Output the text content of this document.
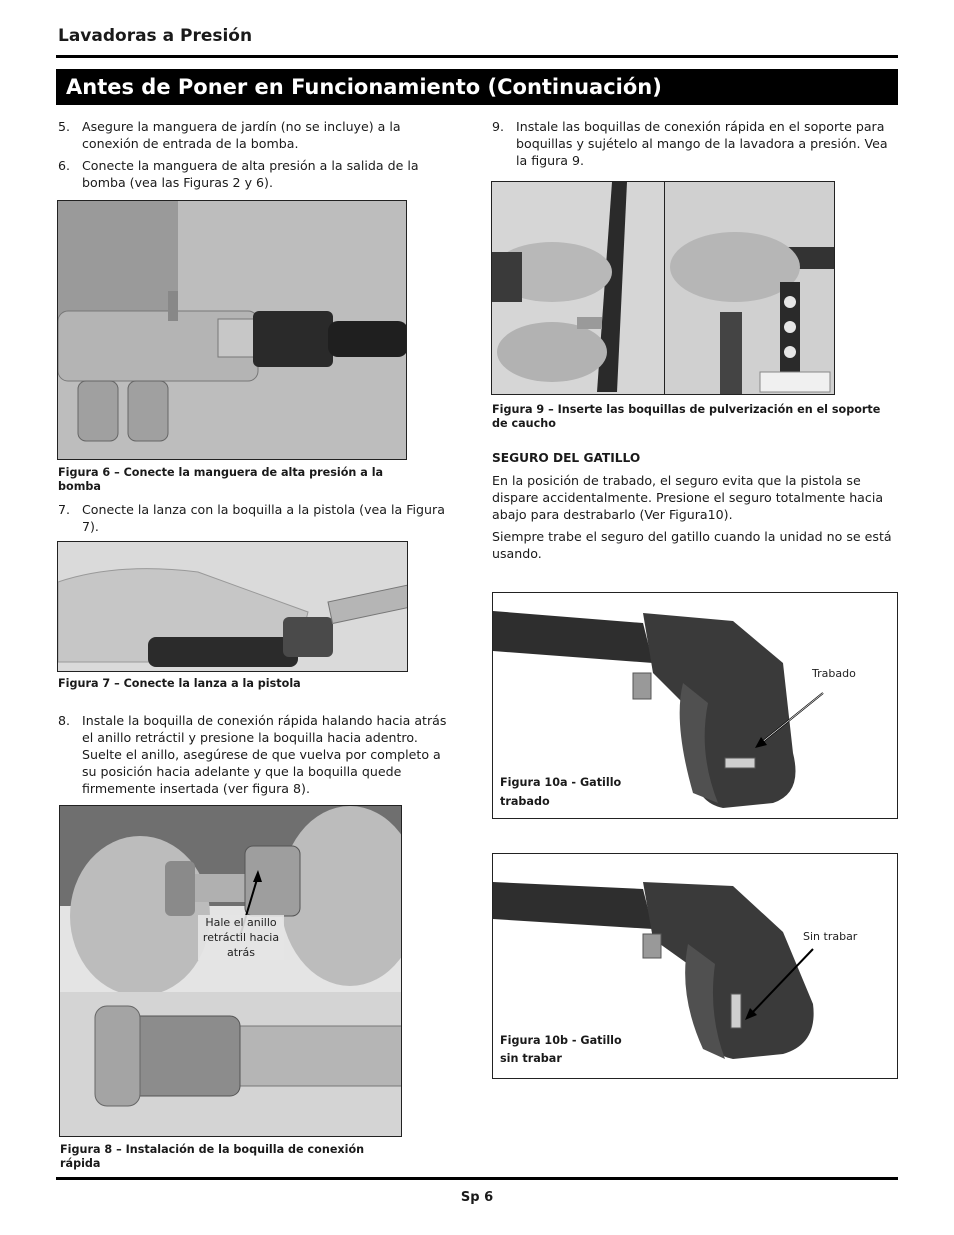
Lavadoras a Presión
Antes de Poner en Funcionamiento (Continuación)
5. Asegure la manguera de jardín (no se incluye) a la conexión de entrada de la bomba.
6. Conecte la manguera de alta presión a la salida de la bomba (vea las Figuras 2 y 6).
Figura 6 – Conecte la manguera de alta presión a la bomba
7. Conecte la lanza con la boquilla a la pistola (vea la Figura 7).
Figura 7 – Conecte la lanza a la pistola
8. Instale la boquilla de conexión rápida halando hacia atrás el anillo retráctil y presione la boquilla hacia adentro. Suelte el anillo, asegúrese de que vuelva por completo a su posición hacia adelante y que la boquilla quede firmemente insertada (ver figura 8).
Hale el anillo retráctil hacia atrás
Figura 8 – Instalación de la boquilla de conexión rápida
9. Instale las boquillas de conexión rápida en el soporte para boquillas y sujételo al mango de la lavadora a presión. Vea la figura 9.
Figura 9 – Inserte las boquillas de pulverización en el soporte de caucho
SEGURO DEL GATILLO
En la posición de trabado, el seguro evita que la pistola se dispare accidentalmente. Presione el seguro totalmente hacia abajo para destrabarlo (Ver Figura10).
Siempre trabe el seguro del gatillo cuando la unidad no se está usando.
Trabado
Figura 10a - Gatillo
trabado
Sin trabar
Figura 10b - Gatillo
sin trabar
Sp 6
